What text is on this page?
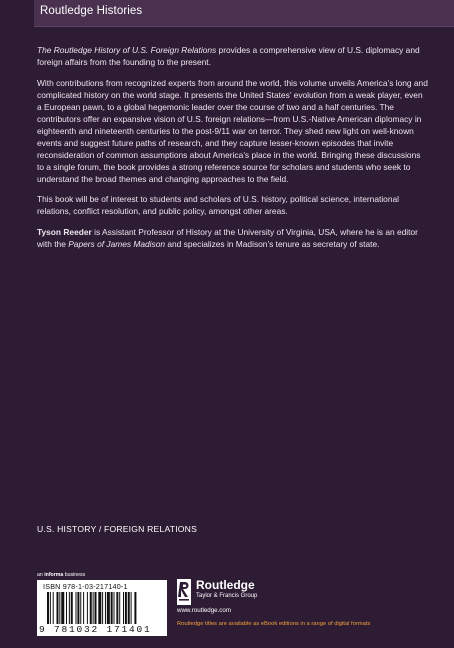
Routledge Histories

The Routledge History of U.S. Foreign Relations provides a comprehensive view of U.S. diplomacy and foreign affairs from the founding to the present.

With contributions from recognized experts from around the world, this volume unveils America’s long and complicated history on the world stage. It presents the United States’ evolution from a weak player, even a European pawn, to a global hegemonic leader over the course of two and a half centuries. The contributors offer an expansive vision of U.S. foreign relations—from U.S.-Native American diplomacy in eighteenth and nineteenth centuries to the post-9/11 war on terror. They shed new light on well-known events and suggest future paths of research, and they capture lesser-known episodes that invite reconsideration of common assumptions about America’s place in the world. Bringing these discussions to a single forum, the book provides a strong reference source for scholars and students who seek to understand the broad themes and changing approaches to the field.

This book will be of interest to students and scholars of U.S. history, political science, international relations, conflict resolution, and public policy, amongst other areas.

Tyson Reeder is Assistant Professor of History at the University of Virginia, USA, where he is an editor with the Papers of James Madison and specializes in Madison’s tenure as secretary of state.

U.S. HISTORY / FOREIGN RELATIONS
an informa business
ISBN 978-1-03-217140-1
9 781032 171401
Routledge
Taylor & Francis Group
www.routledge.com
Routledge titles are available as eBook editions in a range of digital formats
